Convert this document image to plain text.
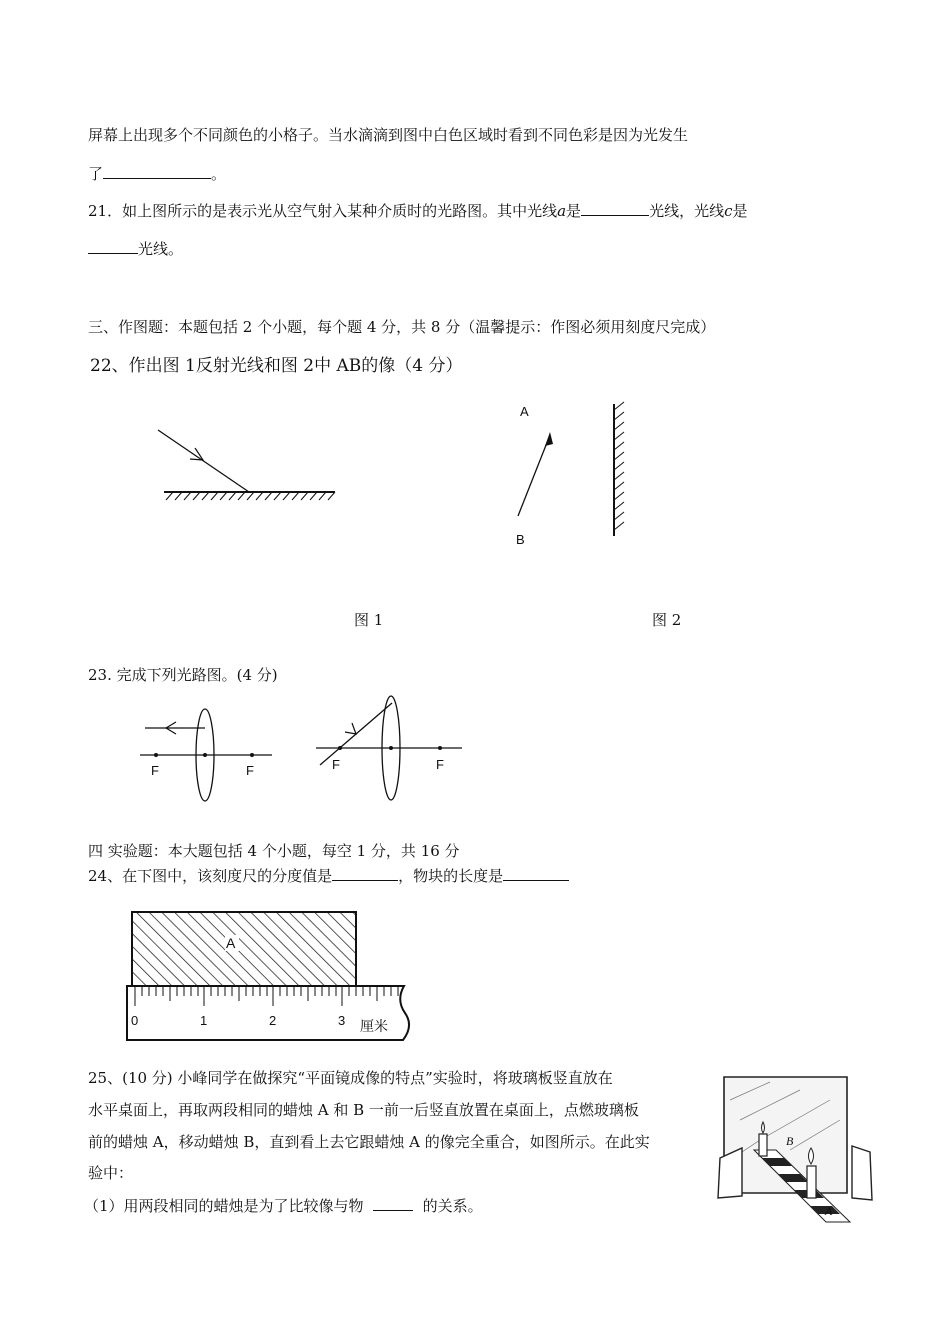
屏幕上出现多个不同颜色的小格子。当水滴滴到图中白色区域时看到不同色彩是因为光发生
了	。
21．如上图所示的是表示光从空气射入某种介质时的光路图。其中光线a是	光线，光线c是
光线。
三、作图题：本题包括 2 个小题，每个题 4 分，共 8 分（温馨提示：作图必须用刻度尺完成）
22、作出图 1反射光线和图 2中 AB的像（4 分）
A
B
图 1	图 2
23. 完成下列光路图。(4 分)
F	F	F	F
四 实验题：本大题包括 4 个小题，每空 1 分，共 16 分
24、在下图中，该刻度尺的分度值是	，物块的长度是
A
0	1	2	3 厘米
25、(10 分) 小峰同学在做探究“平面镜成像的特点”实验时，将玻璃板竖直放在
水平桌面上，再取两段相同的蜡烛 A 和 B 一前一后竖直放置在桌面上，点燃玻璃板
前的蜡烛 A，移动蜡烛 B，直到看上去它跟蜡烛 A 的像完全重合，如图所示。在此实
验中：
（1）用两段相同的蜡烛是为了比较像与物	的关系。
B
A
